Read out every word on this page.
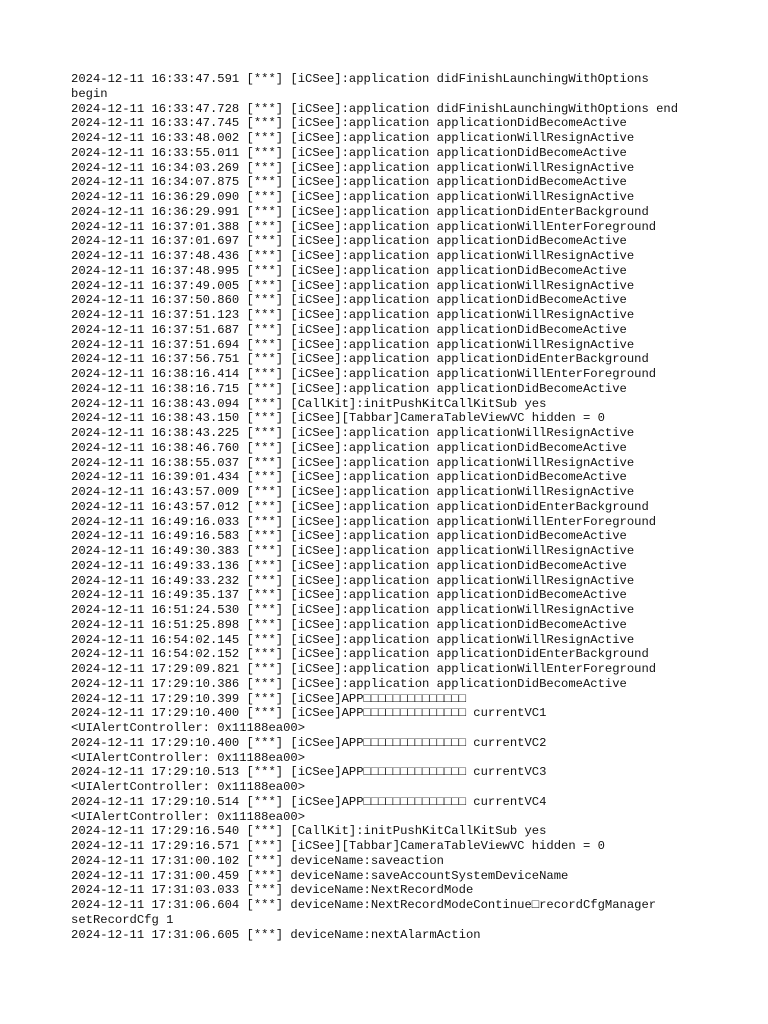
2024-12-11 16:33:47.591 [***] [iCSee]:application didFinishLaunchingWithOptions
begin
2024-12-11 16:33:47.728 [***] [iCSee]:application didFinishLaunchingWithOptions end
2024-12-11 16:33:47.745 [***] [iCSee]:application applicationDidBecomeActive
2024-12-11 16:33:48.002 [***] [iCSee]:application applicationWillResignActive
2024-12-11 16:33:55.011 [***] [iCSee]:application applicationDidBecomeActive
2024-12-11 16:34:03.269 [***] [iCSee]:application applicationWillResignActive
2024-12-11 16:34:07.875 [***] [iCSee]:application applicationDidBecomeActive
2024-12-11 16:36:29.090 [***] [iCSee]:application applicationWillResignActive
2024-12-11 16:36:29.991 [***] [iCSee]:application applicationDidEnterBackground
2024-12-11 16:37:01.388 [***] [iCSee]:application applicationWillEnterForeground
2024-12-11 16:37:01.697 [***] [iCSee]:application applicationDidBecomeActive
2024-12-11 16:37:48.436 [***] [iCSee]:application applicationWillResignActive
2024-12-11 16:37:48.995 [***] [iCSee]:application applicationDidBecomeActive
2024-12-11 16:37:49.005 [***] [iCSee]:application applicationWillResignActive
2024-12-11 16:37:50.860 [***] [iCSee]:application applicationDidBecomeActive
2024-12-11 16:37:51.123 [***] [iCSee]:application applicationWillResignActive
2024-12-11 16:37:51.687 [***] [iCSee]:application applicationDidBecomeActive
2024-12-11 16:37:51.694 [***] [iCSee]:application applicationWillResignActive
2024-12-11 16:37:56.751 [***] [iCSee]:application applicationDidEnterBackground
2024-12-11 16:38:16.414 [***] [iCSee]:application applicationWillEnterForeground
2024-12-11 16:38:16.715 [***] [iCSee]:application applicationDidBecomeActive
2024-12-11 16:38:43.094 [***] [CallKit]:initPushKitCallKitSub yes
2024-12-11 16:38:43.150 [***] [iCSee][Tabbar]CameraTableViewVC hidden = 0
2024-12-11 16:38:43.225 [***] [iCSee]:application applicationWillResignActive
2024-12-11 16:38:46.760 [***] [iCSee]:application applicationDidBecomeActive
2024-12-11 16:38:55.037 [***] [iCSee]:application applicationWillResignActive
2024-12-11 16:39:01.434 [***] [iCSee]:application applicationDidBecomeActive
2024-12-11 16:43:57.009 [***] [iCSee]:application applicationWillResignActive
2024-12-11 16:43:57.012 [***] [iCSee]:application applicationDidEnterBackground
2024-12-11 16:49:16.033 [***] [iCSee]:application applicationWillEnterForeground
2024-12-11 16:49:16.583 [***] [iCSee]:application applicationDidBecomeActive
2024-12-11 16:49:30.383 [***] [iCSee]:application applicationWillResignActive
2024-12-11 16:49:33.136 [***] [iCSee]:application applicationDidBecomeActive
2024-12-11 16:49:33.232 [***] [iCSee]:application applicationWillResignActive
2024-12-11 16:49:35.137 [***] [iCSee]:application applicationDidBecomeActive
2024-12-11 16:51:24.530 [***] [iCSee]:application applicationWillResignActive
2024-12-11 16:51:25.898 [***] [iCSee]:application applicationDidBecomeActive
2024-12-11 16:54:02.145 [***] [iCSee]:application applicationWillResignActive
2024-12-11 16:54:02.152 [***] [iCSee]:application applicationDidEnterBackground
2024-12-11 17:29:09.821 [***] [iCSee]:application applicationWillEnterForeground
2024-12-11 17:29:10.386 [***] [iCSee]:application applicationDidBecomeActive
2024-12-11 17:29:10.399 [***] [iCSee]APP□□□□□□□□□□□□□□
2024-12-11 17:29:10.400 [***] [iCSee]APP□□□□□□□□□□□□□□ currentVC1
<UIAlertController: 0x11188ea00>
2024-12-11 17:29:10.400 [***] [iCSee]APP□□□□□□□□□□□□□□ currentVC2
<UIAlertController: 0x11188ea00>
2024-12-11 17:29:10.513 [***] [iCSee]APP□□□□□□□□□□□□□□ currentVC3
<UIAlertController: 0x11188ea00>
2024-12-11 17:29:10.514 [***] [iCSee]APP□□□□□□□□□□□□□□ currentVC4
<UIAlertController: 0x11188ea00>
2024-12-11 17:29:16.540 [***] [CallKit]:initPushKitCallKitSub yes
2024-12-11 17:29:16.571 [***] [iCSee][Tabbar]CameraTableViewVC hidden = 0
2024-12-11 17:31:00.102 [***] deviceName:saveaction
2024-12-11 17:31:00.459 [***] deviceName:saveAccountSystemDeviceName
2024-12-11 17:31:03.033 [***] deviceName:NextRecordMode
2024-12-11 17:31:06.604 [***] deviceName:NextRecordModeContinue□recordCfgManager
setRecordCfg 1
2024-12-11 17:31:06.605 [***] deviceName:nextAlarmAction
